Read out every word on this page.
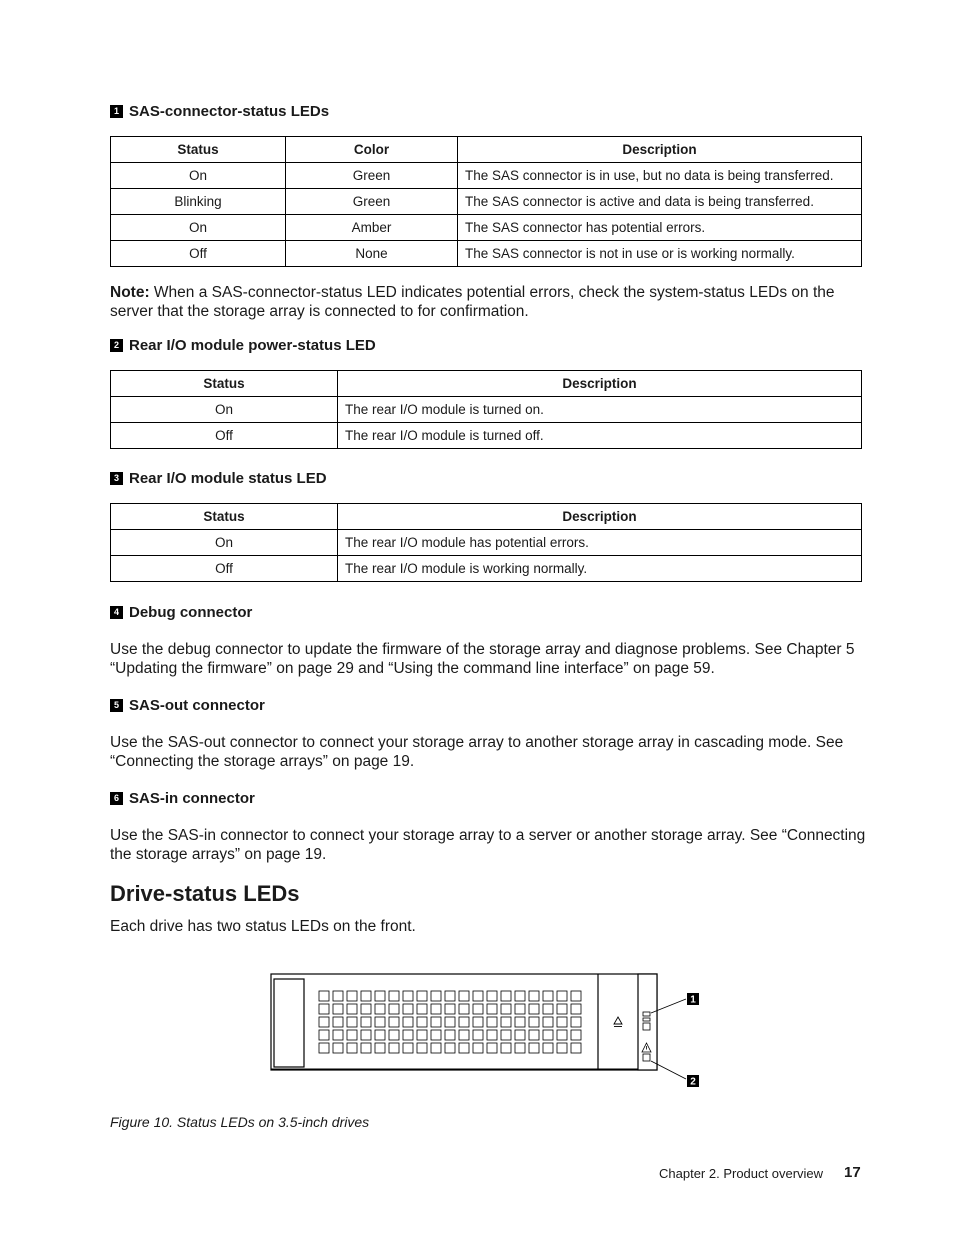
1 SAS-connector-status LEDs
Status	Color	Description
On	Green	The SAS connector is in use, but no data is being transferred.
Blinking	Green	The SAS connector is active and data is being transferred.
On	Amber	The SAS connector has potential errors.
Off	None	The SAS connector is not in use or is working normally.
Note: When a SAS-connector-status LED indicates potential errors, check the system-status LEDs on the server that the storage array is connected to for confirmation.
2 Rear I/O module power-status LED
Status	Description
On	The rear I/O module is turned on.
Off	The rear I/O module is turned off.
3 Rear I/O module status LED
Status	Description
On	The rear I/O module has potential errors.
Off	The rear I/O module is working normally.
4 Debug connector
Use the debug connector to update the firmware of the storage array and diagnose problems. See Chapter 5 “Updating the firmware” on page 29 and “Using the command line interface” on page 59.
5 SAS-out connector
Use the SAS-out connector to connect your storage array to another storage array in cascading mode. See “Connecting the storage arrays” on page 19.
6 SAS-in connector
Use the SAS-in connector to connect your storage array to a server or another storage array. See “Connecting the storage arrays” on page 19.
Drive-status LEDs
Each drive has two status LEDs on the front.
1
2
Figure 10. Status LEDs on 3.5-inch drives
Chapter 2. Product overview 17
